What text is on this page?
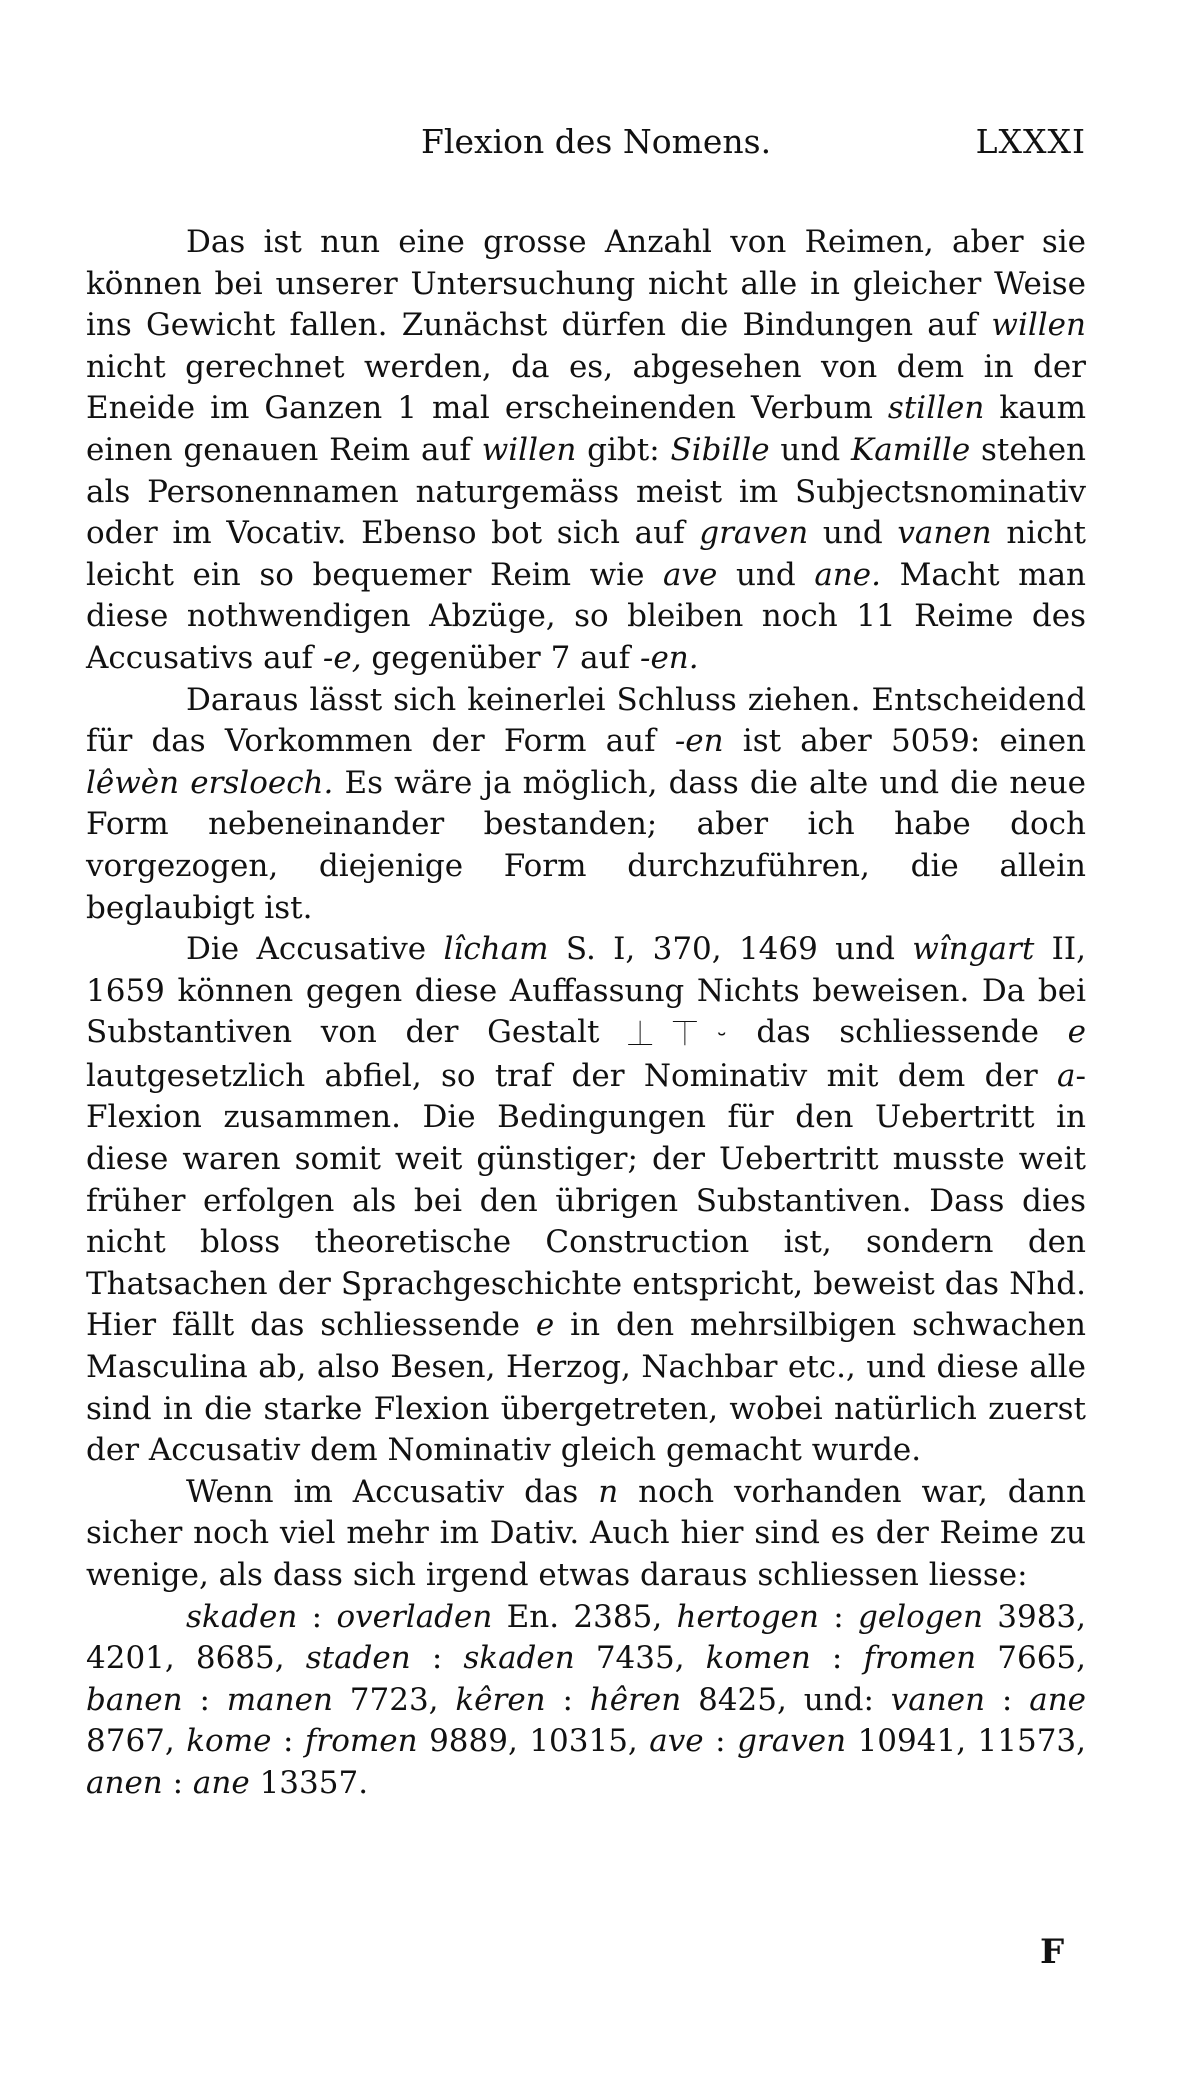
Flexion des Nomens.	LXXXI

Das ist nun eine grosse Anzahl von Reimen, aber sie können bei unserer Untersuchung nicht alle in gleicher Weise ins Gewicht fallen. Zunächst dürfen die Bindungen auf willen nicht gerechnet werden, da es, abgesehen von dem in der Eneide im Ganzen 1 mal erscheinenden Verbum stillen kaum einen genauen Reim auf willen gibt: Sibille und Kamille stehen als Personennamen naturgemäss meist im Subjectsnominativ oder im Vocativ. Ebenso bot sich auf graven und vanen nicht leicht ein so bequemer Reim wie ave und ane. Macht man diese nothwendigen Abzüge, so bleiben noch 11 Reime des Accusativs auf -e, gegenüber 7 auf -en.

Daraus lässt sich keinerlei Schluss ziehen. Entscheidend für das Vorkommen der Form auf -en ist aber 5059: einen lêwèn ersloech. Es wäre ja möglich, dass die alte und die neue Form nebeneinander bestanden; aber ich habe doch vorgezogen, diejenige Form durchzuführen, die allein beglaubigt ist.

Die Accusative lîcham S. I, 370, 1469 und wîngart II, 1659 können gegen diese Auffassung Nichts beweisen. Da bei Substantiven von der Gestalt ⏊⏉⏑ das schliessende e lautgesetzlich abfiel, so traf der Nominativ mit dem der a-Flexion zusammen. Die Bedingungen für den Uebertritt in diese waren somit weit günstiger; der Uebertritt musste weit früher erfolgen als bei den übrigen Substantiven. Dass dies nicht bloss theoretische Construction ist, sondern den Thatsachen der Sprachgeschichte entspricht, beweist das Nhd. Hier fällt das schliessende e in den mehrsilbigen schwachen Masculina ab, also Besen, Herzog, Nachbar etc., und diese alle sind in die starke Flexion übergetreten, wobei natürlich zuerst der Accusativ dem Nominativ gleich gemacht wurde.

Wenn im Accusativ das n noch vorhanden war, dann sicher noch viel mehr im Dativ. Auch hier sind es der Reime zu wenige, als dass sich irgend etwas daraus schliessen liesse:

skaden : overladen En. 2385, hertogen : gelogen 3983, 4201, 8685, staden : skaden 7435, komen : fromen 7665, banen : manen 7723, kêren : hêren 8425, und: vanen : ane 8767, kome : fromen 9889, 10315, ave : graven 10941, 11573, anen : ane 13357.

F
